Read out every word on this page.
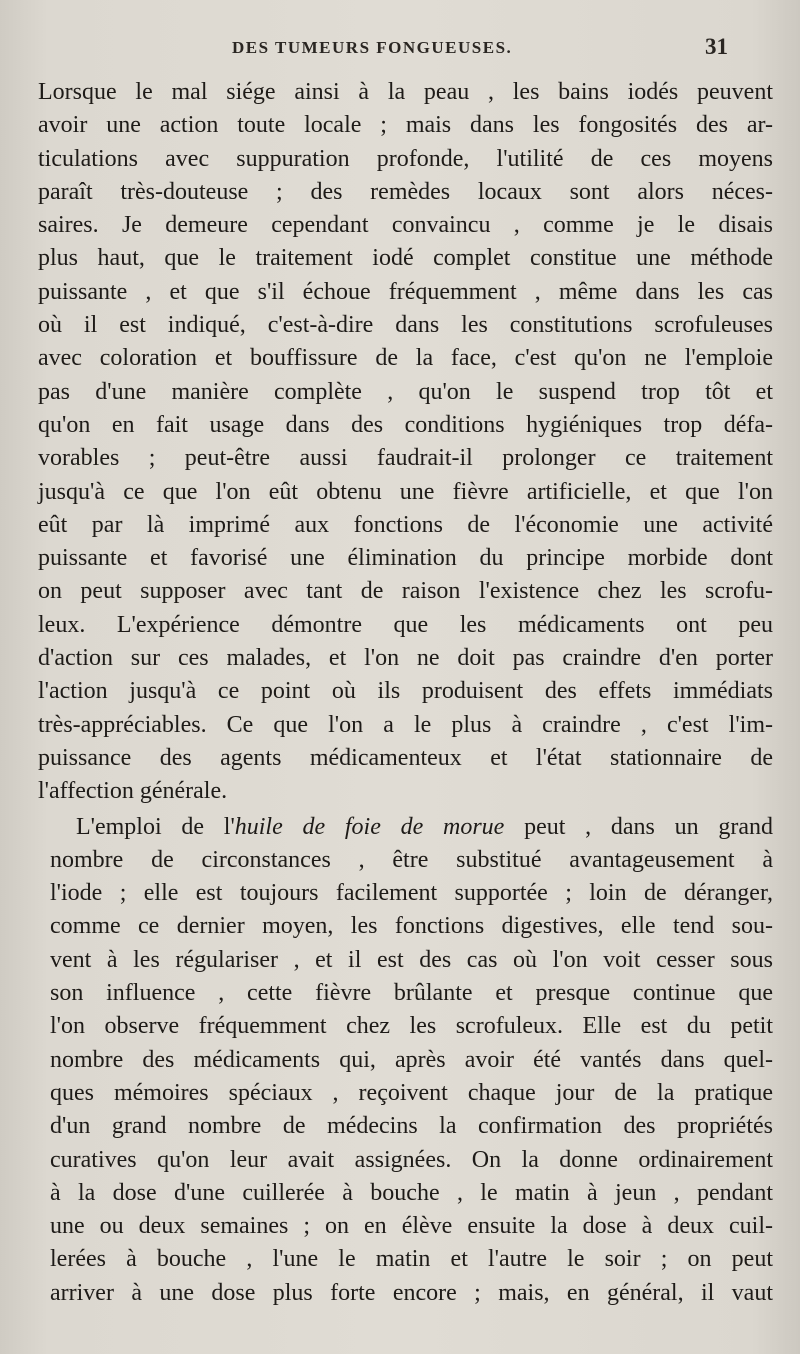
DES TUMEURS FONGUEUSES.	31
Lorsque le mal siége ainsi à la peau , les bains iodés peuvent
avoir une action toute locale ; mais dans les fongosités des ar-
ticulations avec suppuration profonde, l'utilité de ces moyens
paraît très-douteuse ; des remèdes locaux sont alors néces-
saires. Je demeure cependant convaincu , comme je le disais
plus haut, que le traitement iodé complet constitue une méthode
puissante , et que s'il échoue fréquemment , même dans les cas
où il est indiqué, c'est-à-dire dans les constitutions scrofuleuses
avec coloration et bouffissure de la face, c'est qu'on ne l'emploie
pas d'une manière complète , qu'on le suspend trop tôt et
qu'on en fait usage dans des conditions hygiéniques trop défa-
vorables ; peut-être aussi faudrait-il prolonger ce traitement
jusqu'à ce que l'on eût obtenu une fièvre artificielle, et que l'on
eût par là imprimé aux fonctions de l'économie une activité
puissante et favorisé une élimination du principe morbide dont
on peut supposer avec tant de raison l'existence chez les scrofu-
leux. L'expérience démontre que les médicaments ont peu
d'action sur ces malades, et l'on ne doit pas craindre d'en porter
l'action jusqu'à ce point où ils produisent des effets immédiats
très-appréciables. Ce que l'on a le plus à craindre , c'est l'im-
puissance des agents médicamenteux et l'état stationnaire de
l'affection générale.
L'emploi de l'huile de foie de morue peut , dans un grand
nombre de circonstances , être substitué avantageusement à
l'iode ; elle est toujours facilement supportée ; loin de déranger,
comme ce dernier moyen, les fonctions digestives, elle tend sou-
vent à les régulariser , et il est des cas où l'on voit cesser sous
son influence , cette fièvre brûlante et presque continue que
l'on observe fréquemment chez les scrofuleux. Elle est du petit
nombre des médicaments qui, après avoir été vantés dans quel-
ques mémoires spéciaux , reçoivent chaque jour de la pratique
d'un grand nombre de médecins la confirmation des propriétés
curatives qu'on leur avait assignées. On la donne ordinairement
à la dose d'une cuillerée à bouche , le matin à jeun , pendant
une ou deux semaines ; on en élève ensuite la dose à deux cuil-
lerées à bouche , l'une le matin et l'autre le soir ; on peut
arriver à une dose plus forte encore ; mais, en général, il vaut
